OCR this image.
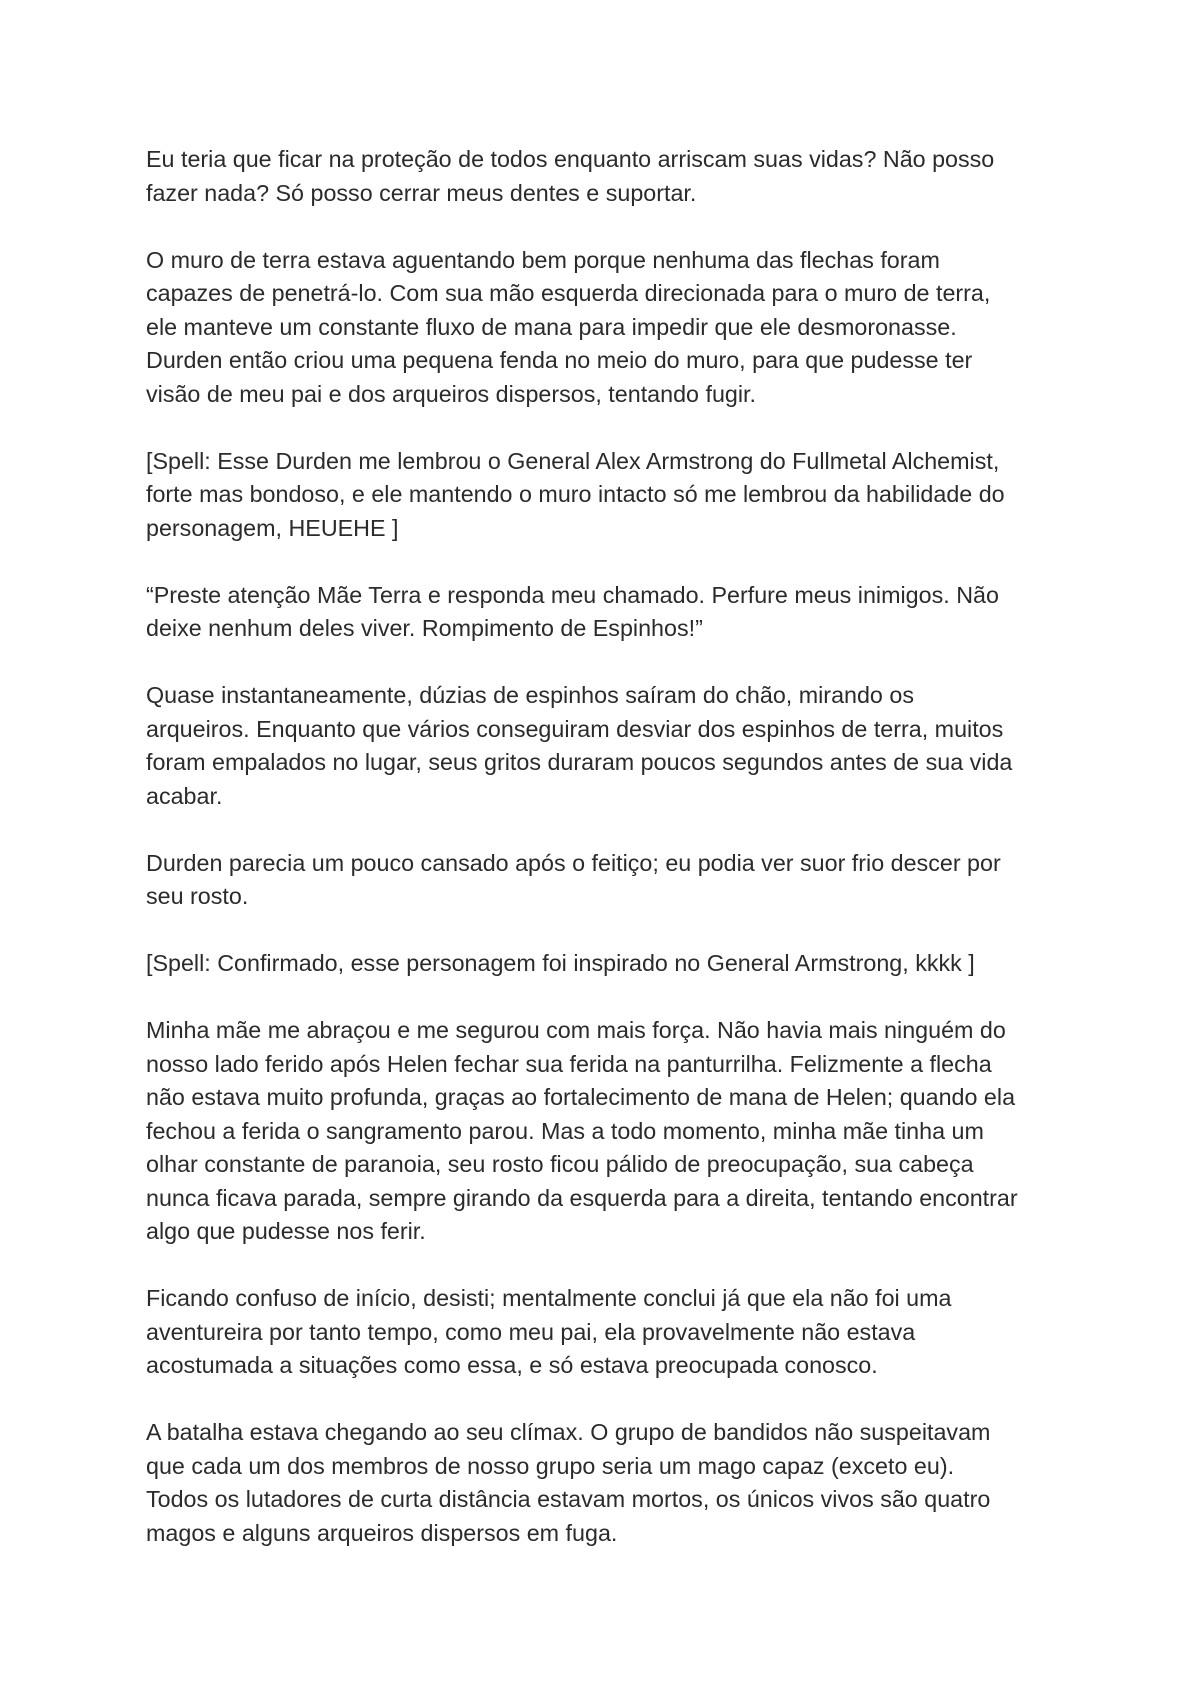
Eu teria que ficar na proteção de todos enquanto arriscam suas vidas? Não posso
fazer nada? Só posso cerrar meus dentes e suportar.

O muro de terra estava aguentando bem porque nenhuma das flechas foram
capazes de penetrá-lo. Com sua mão esquerda direcionada para o muro de terra,
ele manteve um constante fluxo de mana para impedir que ele desmoronasse.
Durden então criou uma pequena fenda no meio do muro, para que pudesse ter
visão de meu pai e dos arqueiros dispersos, tentando fugir.

[Spell: Esse Durden me lembrou o General Alex Armstrong do Fullmetal Alchemist,
forte mas bondoso, e ele mantendo o muro intacto só me lembrou da habilidade do
personagem, HEUEHE ]

“Preste atenção Mãe Terra e responda meu chamado. Perfure meus inimigos. Não
deixe nenhum deles viver. Rompimento de Espinhos!”

Quase instantaneamente, dúzias de espinhos saíram do chão, mirando os
arqueiros. Enquanto que vários conseguiram desviar dos espinhos de terra, muitos
foram empalados no lugar, seus gritos duraram poucos segundos antes de sua vida
acabar.

Durden parecia um pouco cansado após o feitiço; eu podia ver suor frio descer por
seu rosto.

[Spell: Confirmado, esse personagem foi inspirado no General Armstrong, kkkk ]

Minha mãe me abraçou e me segurou com mais força. Não havia mais ninguém do
nosso lado ferido após Helen fechar sua ferida na panturrilha. Felizmente a flecha
não estava muito profunda, graças ao fortalecimento de mana de Helen; quando ela
fechou a ferida o sangramento parou. Mas a todo momento, minha mãe tinha um
olhar constante de paranoia, seu rosto ficou pálido de preocupação, sua cabeça
nunca ficava parada, sempre girando da esquerda para a direita, tentando encontrar
algo que pudesse nos ferir.

Ficando confuso de início, desisti; mentalmente conclui já que ela não foi uma
aventureira por tanto tempo, como meu pai, ela provavelmente não estava
acostumada a situações como essa, e só estava preocupada conosco.

A batalha estava chegando ao seu clímax. O grupo de bandidos não suspeitavam
que cada um dos membros de nosso grupo seria um mago capaz (exceto eu).
Todos os lutadores de curta distância estavam mortos, os únicos vivos são quatro
magos e alguns arqueiros dispersos em fuga.
